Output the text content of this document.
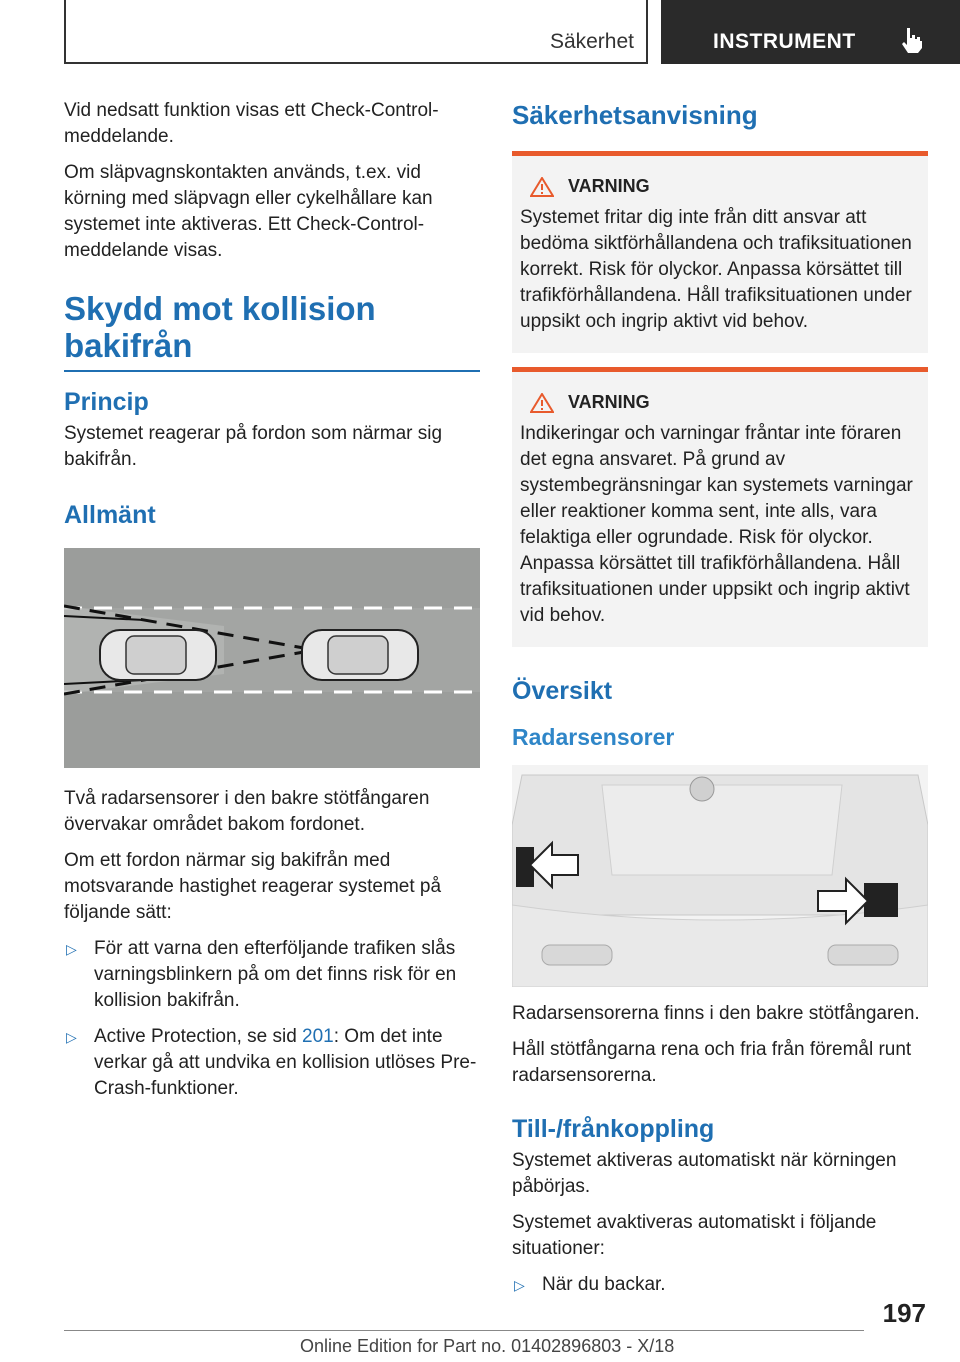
Säkerhet	INSTRUMENT

Vid nedsatt funktion visas ett Check-Control-meddelande.

Om släpvagnskontakten används, t.ex. vid körning med släpvagn eller cykelhållare kan systemet inte aktiveras. Ett Check-Control-meddelande visas.

Skydd mot kollision bakifrån
Princip

Systemet reagerar på fordon som närmar sig bakifrån.

Allmänt

Två radarsensorer i den bakre stötfångaren övervakar området bakom fordonet.

Om ett fordon närmar sig bakifrån med motsvarande hastighet reagerar systemet på följande sätt:

▷ För att varna den efterföljande trafiken slås varningsblinkern på om det finns risk för en kollision bakifrån.
▷ Active Protection, se sid 201: Om det inte verkar gå att undvika en kollision utlöses Pre-Crash-funktioner.
Säkerhetsanvisning
VARNING

Systemet fritar dig inte från ditt ansvar att bedöma siktförhållandena och trafiksituationen korrekt. Risk för olyckor. Anpassa körsättet till trafikförhållandena. Håll trafiksituationen under uppsikt och ingrip aktivt vid behov.

VARNING

Indikeringar och varningar fråntar inte föraren det egna ansvaret. På grund av systembegränsningar kan systemets varningar eller reaktioner komma sent, inte alls, vara felaktiga eller ogrundade. Risk för olyckor. Anpassa körsättet till trafikförhållandena. Håll trafiksituationen under uppsikt och ingrip aktivt vid behov.

Översikt
Radarsensorer

Radarsensorerna finns i den bakre stötfångaren.

Håll stötfångarna rena och fria från föremål runt radarsensorerna.

Till-/frånkoppling

Systemet aktiveras automatiskt när körningen påbörjas.

Systemet avaktiveras automatiskt i följande situationer:

▷ När du backar.
197
Online Edition for Part no. 01402896803 - X/18
